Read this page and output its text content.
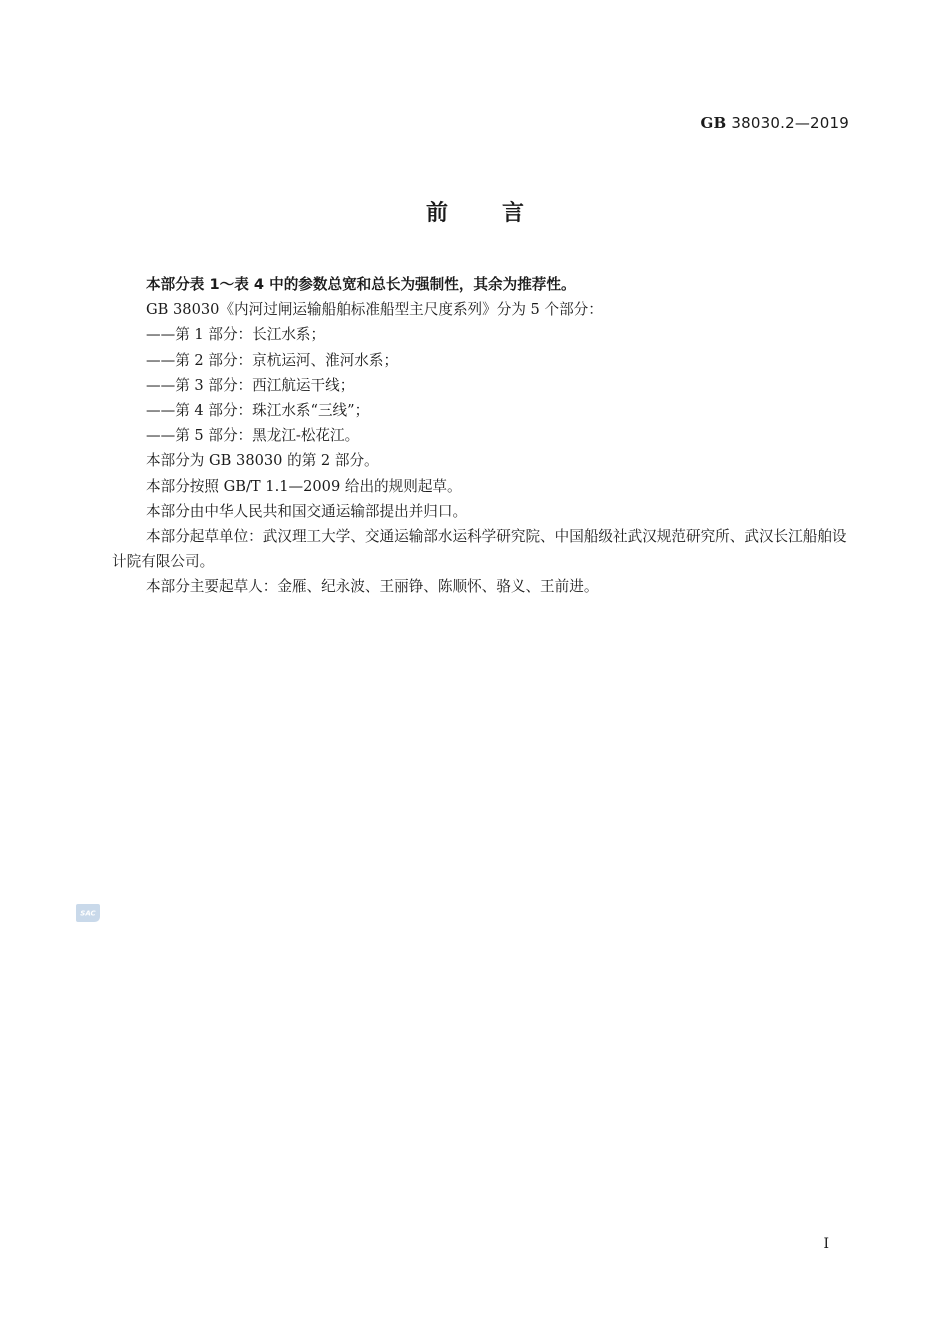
GB 38030.2—2019
前 言

本部分表 1～表 4 中的参数总宽和总长为强制性，其余为推荐性。

GB 38030《内河过闸运输船舶标准船型主尺度系列》分为 5 个部分：

——第 1 部分：长江水系；

——第 2 部分：京杭运河、淮河水系；

——第 3 部分：西江航运干线；

——第 4 部分：珠江水系“三线”；

——第 5 部分：黑龙江-松花江。

本部分为 GB 38030 的第 2 部分。

本部分按照 GB/T 1.1—2009 给出的规则起草。

本部分由中华人民共和国交通运输部提出并归口。

本部分起草单位：武汉理工大学、交通运输部水运科学研究院、中国船级社武汉规范研究所、武汉长江船舶设计院有限公司。

本部分主要起草人：金雁、纪永波、王丽铮、陈顺怀、骆义、王前进。

SAC
I
